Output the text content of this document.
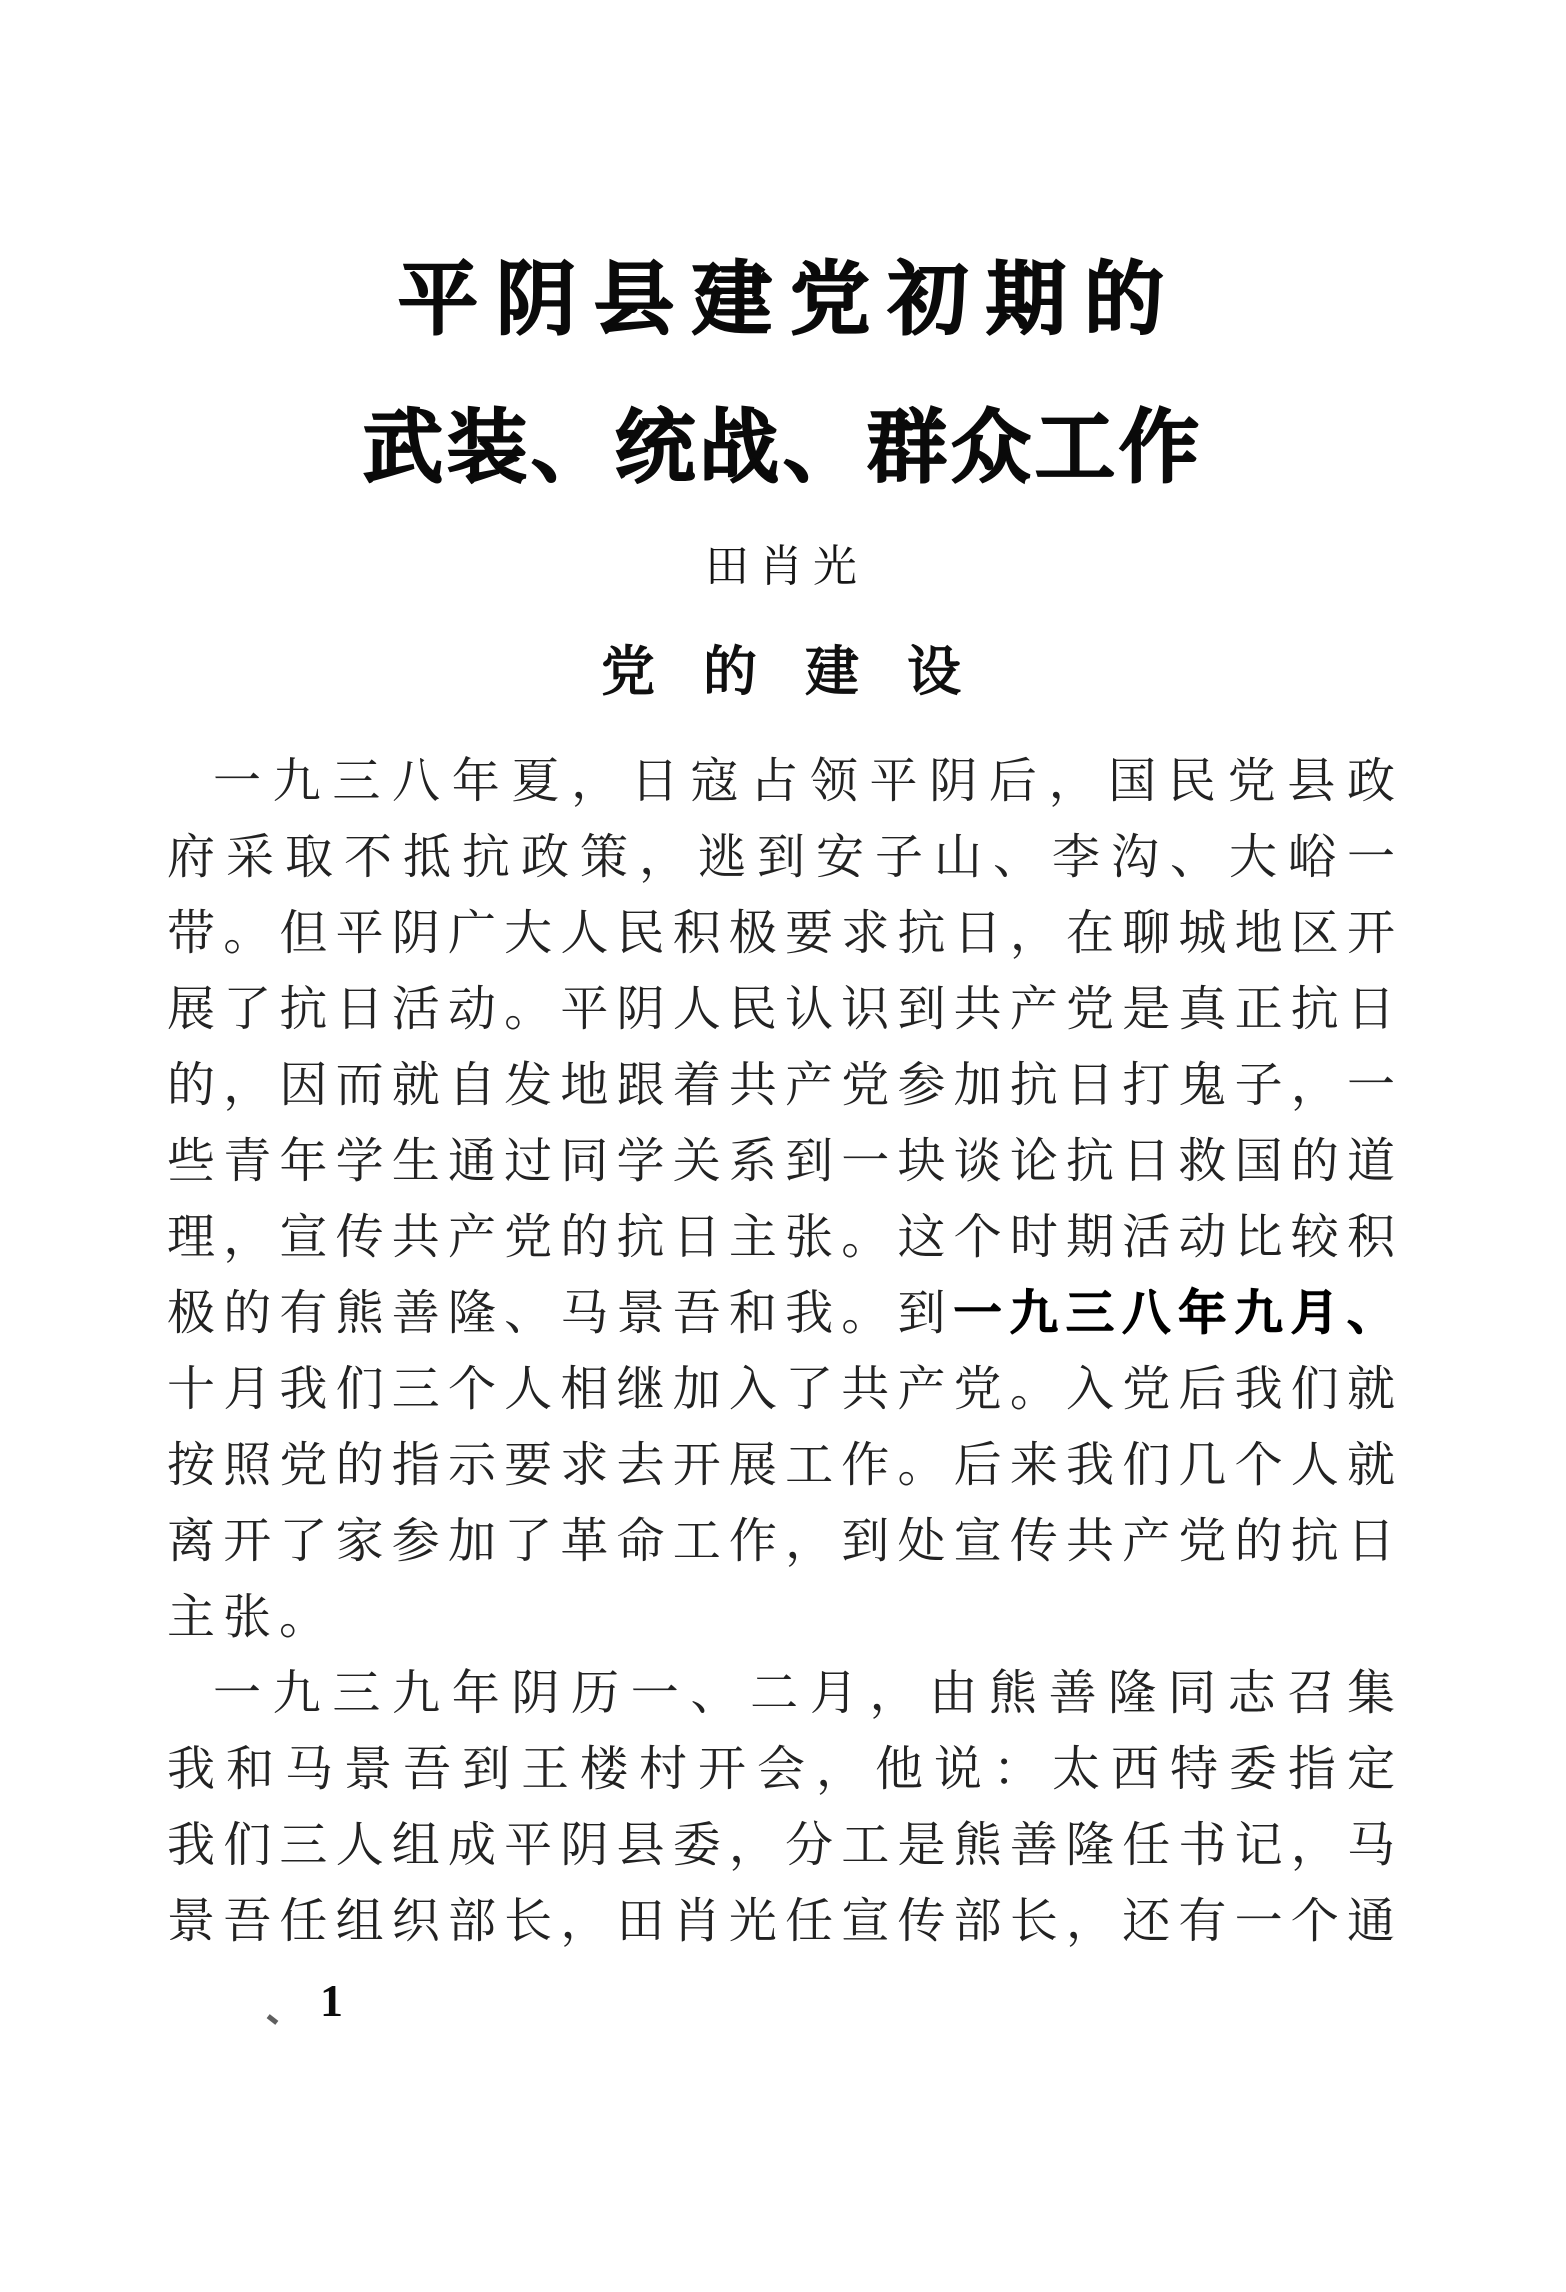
平阴县建党初期的
武装、统战、群众工作
田肖光
党的建设
一九三八年夏，日寇占领平阴后，国民党县政
府采取不抵抗政策，逃到安子山、李沟、大峪一
带。但平阴广大人民积极要求抗日，在聊城地区开
展了抗日活动。平阴人民认识到共产党是真正抗日
的，因而就自发地跟着共产党参加抗日打鬼子，一
些青年学生通过同学关系到一块谈论抗日救国的道
理，宣传共产党的抗日主张。这个时期活动比较积
极的有熊善隆、马景吾和我。到一九三八年九月、
十月我们三个人相继加入了共产党。入党后我们就
按照党的指示要求去开展工作。后来我们几个人就
离开了家参加了革命工作，到处宣传共产党的抗日
主张。
一九三九年阴历一、二月，由熊善隆同志召集
我和马景吾到王楼村开会，他说：太西特委指定
我们三人组成平阴县委，分工是熊善隆任书记，马
景吾任组织部长，田肖光任宣传部长，还有一个通
1
